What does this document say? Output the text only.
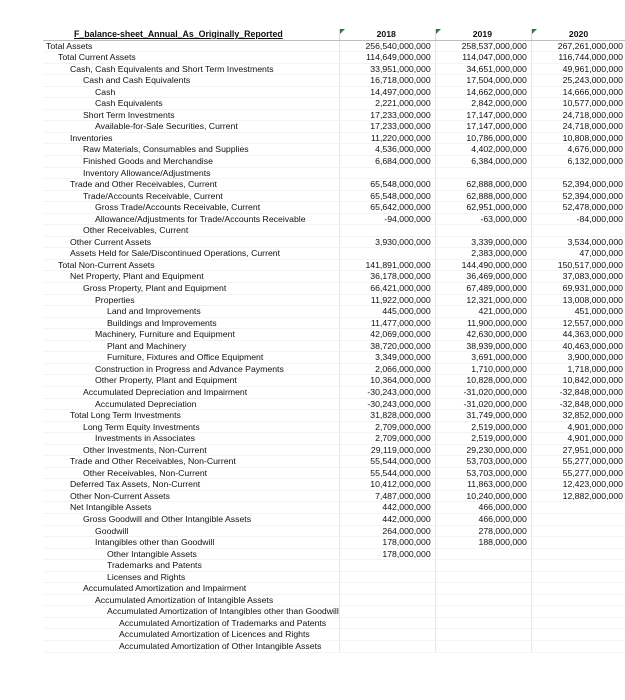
F_balance-sheet_Annual_As_Originally_Reported	2018		2019		2020
Total Assets	256,540,000,000		258,537,000,000		267,261,000,000
Total Current Assets	114,649,000,000		114,047,000,000		116,744,000,000
Cash, Cash Equivalents and Short Term Investments	33,951,000,000		34,651,000,000		49,961,000,000
Cash and Cash Equivalents	16,718,000,000		17,504,000,000		25,243,000,000
Cash	14,497,000,000		14,662,000,000		14,666,000,000
Cash Equivalents	2,221,000,000		2,842,000,000		10,577,000,000
Short Term Investments	17,233,000,000		17,147,000,000		24,718,000,000
Available-for-Sale Securities, Current	17,233,000,000		17,147,000,000		24,718,000,000
Inventories	11,220,000,000		10,786,000,000		10,808,000,000
Raw Materials, Consumables and Supplies	4,536,000,000		4,402,000,000		4,676,000,000
Finished Goods and Merchandise	6,684,000,000		6,384,000,000		6,132,000,000
Inventory Allowance/Adjustments					
Trade and Other Receivables, Current	65,548,000,000		62,888,000,000		52,394,000,000
Trade/Accounts Receivable, Current	65,548,000,000		62,888,000,000		52,394,000,000
Gross Trade/Accounts Receivable, Current	65,642,000,000		62,951,000,000		52,478,000,000
Allowance/Adjustments for Trade/Accounts Receivable	-94,000,000		-63,000,000		-84,000,000
Other Receivables, Current					
Other Current Assets	3,930,000,000		3,339,000,000		3,534,000,000
Assets Held for Sale/Discontinued Operations, Current			2,383,000,000		47,000,000
Total Non-Current Assets	141,891,000,000		144,490,000,000		150,517,000,000
Net Property, Plant and Equipment	36,178,000,000		36,469,000,000		37,083,000,000
Gross Property, Plant and Equipment	66,421,000,000		67,489,000,000		69,931,000,000
Properties	11,922,000,000		12,321,000,000		13,008,000,000
Land and Improvements	445,000,000		421,000,000		451,000,000
Buildings and Improvements	11,477,000,000		11,900,000,000		12,557,000,000
Machinery, Furniture and Equipment	42,069,000,000		42,630,000,000		44,363,000,000
Plant and Machinery	38,720,000,000		38,939,000,000		40,463,000,000
Furniture, Fixtures and Office Equipment	3,349,000,000		3,691,000,000		3,900,000,000
Construction in Progress and Advance Payments	2,066,000,000		1,710,000,000		1,718,000,000
Other Property, Plant and Equipment	10,364,000,000		10,828,000,000		10,842,000,000
Accumulated Depreciation and Impairment	-30,243,000,000		-31,020,000,000		-32,848,000,000
Accumulated Depreciation	-30,243,000,000		-31,020,000,000		-32,848,000,000
Total Long Term Investments	31,828,000,000		31,749,000,000		32,852,000,000
Long Term Equity Investments	2,709,000,000		2,519,000,000		4,901,000,000
Investments in Associates	2,709,000,000		2,519,000,000		4,901,000,000
Other Investments, Non-Current	29,119,000,000		29,230,000,000		27,951,000,000
Trade and Other Receivables, Non-Current	55,544,000,000		53,703,000,000		55,277,000,000
Other Receivables, Non-Current	55,544,000,000		53,703,000,000		55,277,000,000
Deferred Tax Assets, Non-Current	10,412,000,000		11,863,000,000		12,423,000,000
Other Non-Current Assets	7,487,000,000		10,240,000,000		12,882,000,000
Net Intangible Assets	442,000,000		466,000,000		
Gross Goodwill and Other Intangible Assets	442,000,000		466,000,000		
Goodwill	264,000,000		278,000,000		
Intangibles other than Goodwill	178,000,000		188,000,000		
Other Intangible Assets	178,000,000				
Trademarks and Patents					
Licenses and Rights					
Accumulated Amortization and Impairment					
Accumulated Amortization of Intangible Assets					
Accumulated Amortization of Intangibles other than Goodwill					
Accumulated Amortization of Trademarks and Patents					
Accumulated Amortization of Licences and Rights					
Accumulated Amortization of Other Intangible Assets					
